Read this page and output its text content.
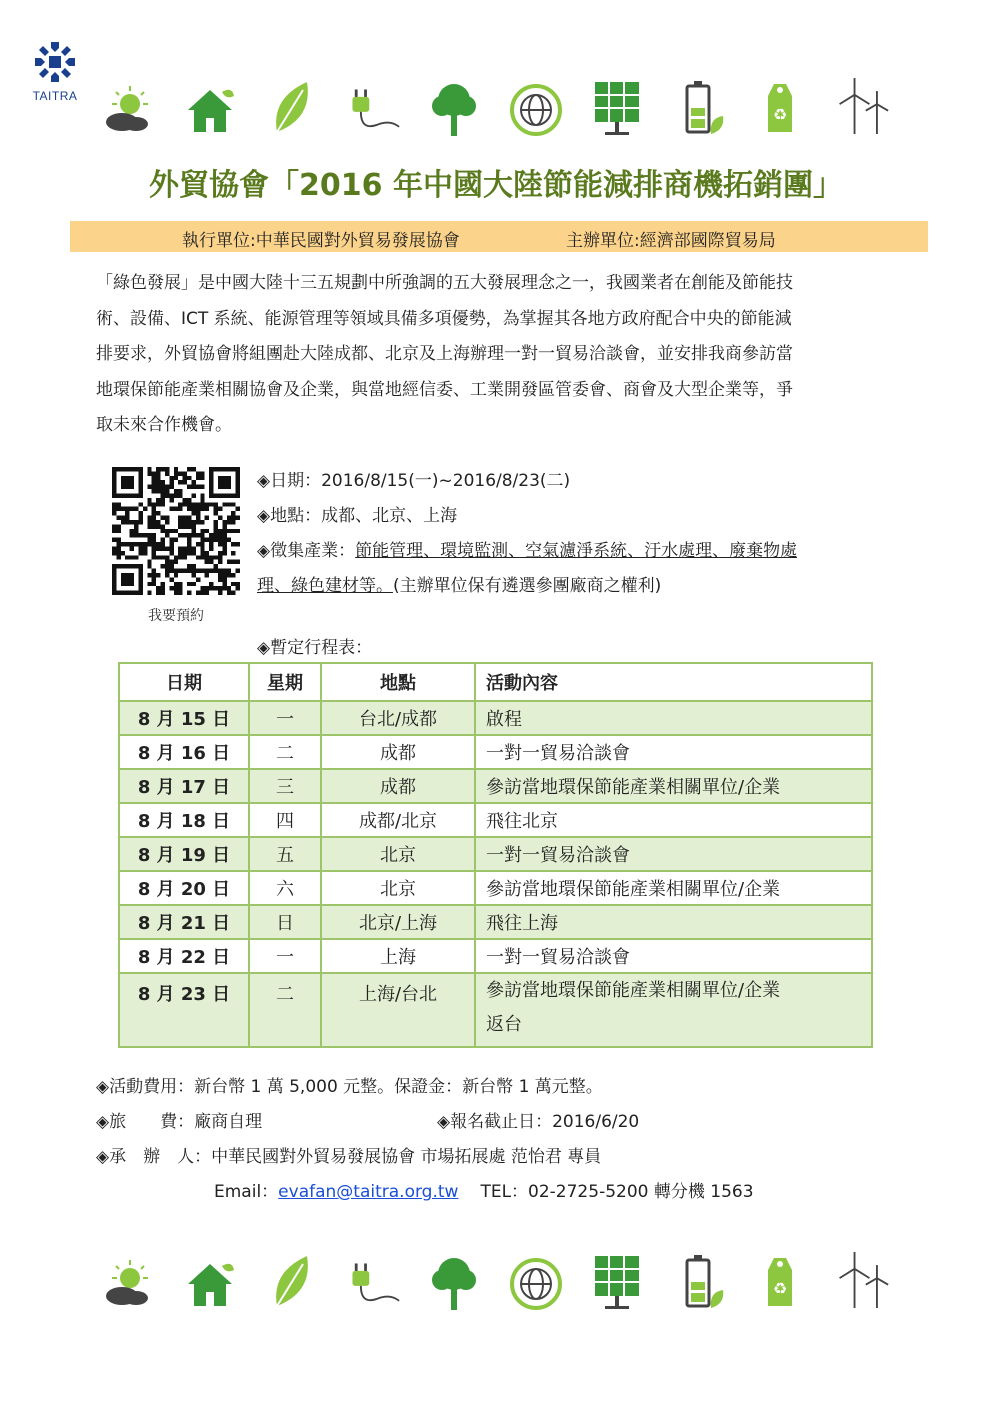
TAITRA
♻
外貿協會「2016 年中國大陸節能減排商機拓銷團」
執行單位:中華民國對外貿易發展協會	主辦單位:經濟部國際貿易局
「綠色發展」是中國大陸十三五規劃中所強調的五大發展理念之一，我國業者在創能及節能技
術、設備、ICT 系統、能源管理等領域具備多項優勢，為掌握其各地方政府配合中央的節能減
排要求，外貿協會將組團赴大陸成都、北京及上海辦理一對一貿易洽談會，並安排我商參訪當
地環保節能產業相關協會及企業，與當地經信委、工業開發區管委會、商會及大型企業等，爭
取未來合作機會。
我要預約
◈日期：2016/8/15(一)~2016/8/23(二)
◈地點：成都、北京、上海
◈徵集產業：節能管理、環境監測、空氣濾淨系統、汙水處理、廢棄物處
理、綠色建材等。(主辦單位保有遴選參團廠商之權利)
◈暫定行程表：
日期	星期	地點	活動內容
8 月 15 日	一	台北/成都	啟程
8 月 16 日	二	成都	一對一貿易洽談會
8 月 17 日	三	成都	參訪當地環保節能產業相關單位/企業
8 月 18 日	四	成都/北京	飛往北京
8 月 19 日	五	北京	一對一貿易洽談會
8 月 20 日	六	北京	參訪當地環保節能產業相關單位/企業
8 月 21 日	日	北京/上海	飛往上海
8 月 22 日	一	上海	一對一貿易洽談會
8 月 23 日	二	上海/台北	參訪當地環保節能產業相關單位/企業
返台
◈活動費用：新台幣 1 萬 5,000 元整。保證金：新台幣 1 萬元整。
◈旅　　費：廠商自理	◈報名截止日：2016/6/20
◈承　辦　人：中華民國對外貿易發展協會 市場拓展處 范怡君 專員
Email：evafan@taitra.org.tw TEL：02-2725-5200 轉分機 1563
♻
